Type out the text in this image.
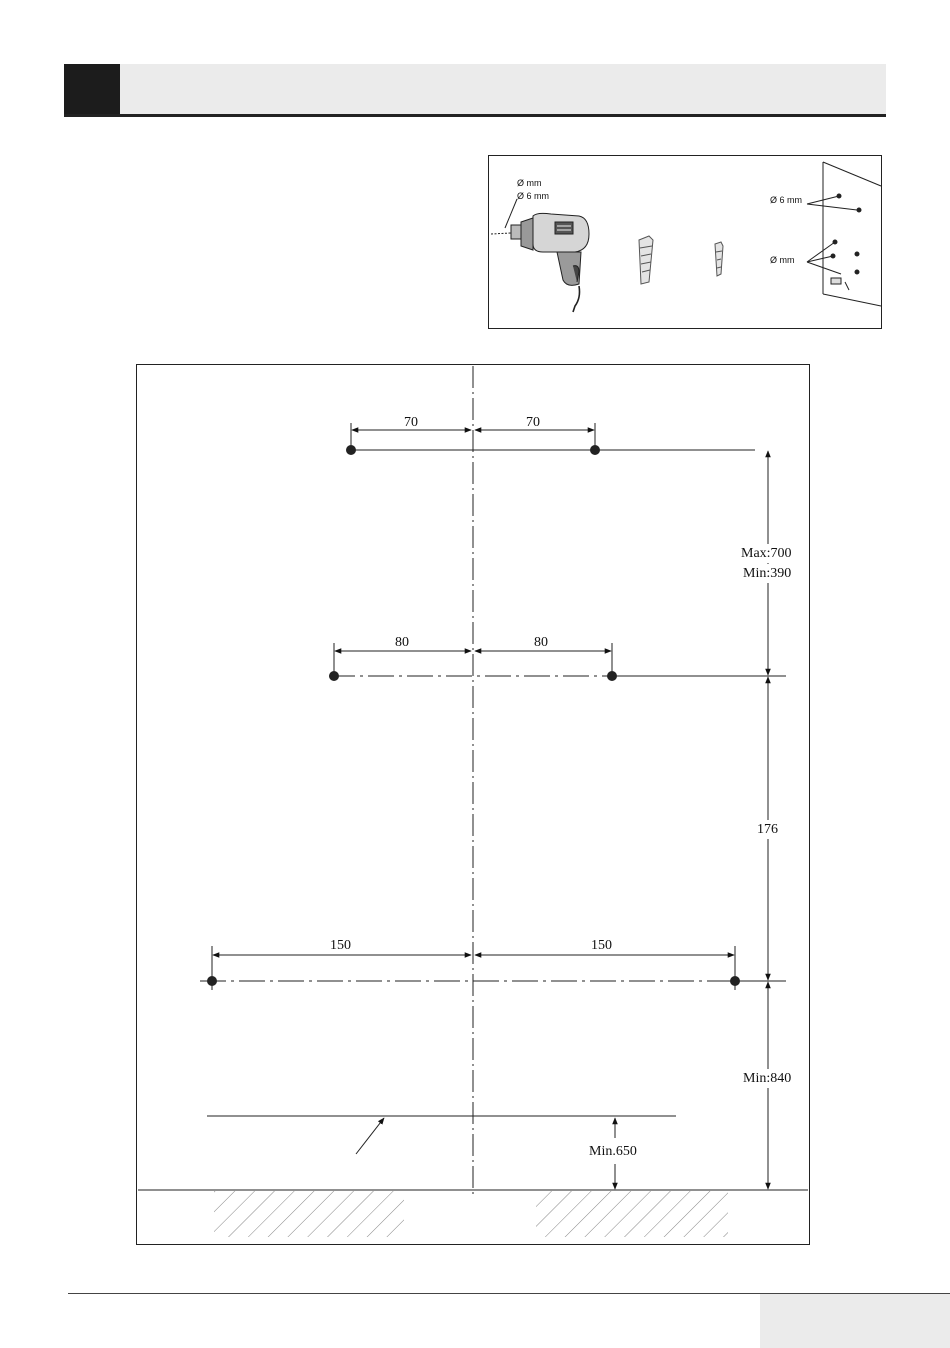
Ø mm
Ø 6 mm	Ø 6 mm
Ø mm
70	70
80	80
150	150
Max:700
Min:390
176
Min:840
Min.650
